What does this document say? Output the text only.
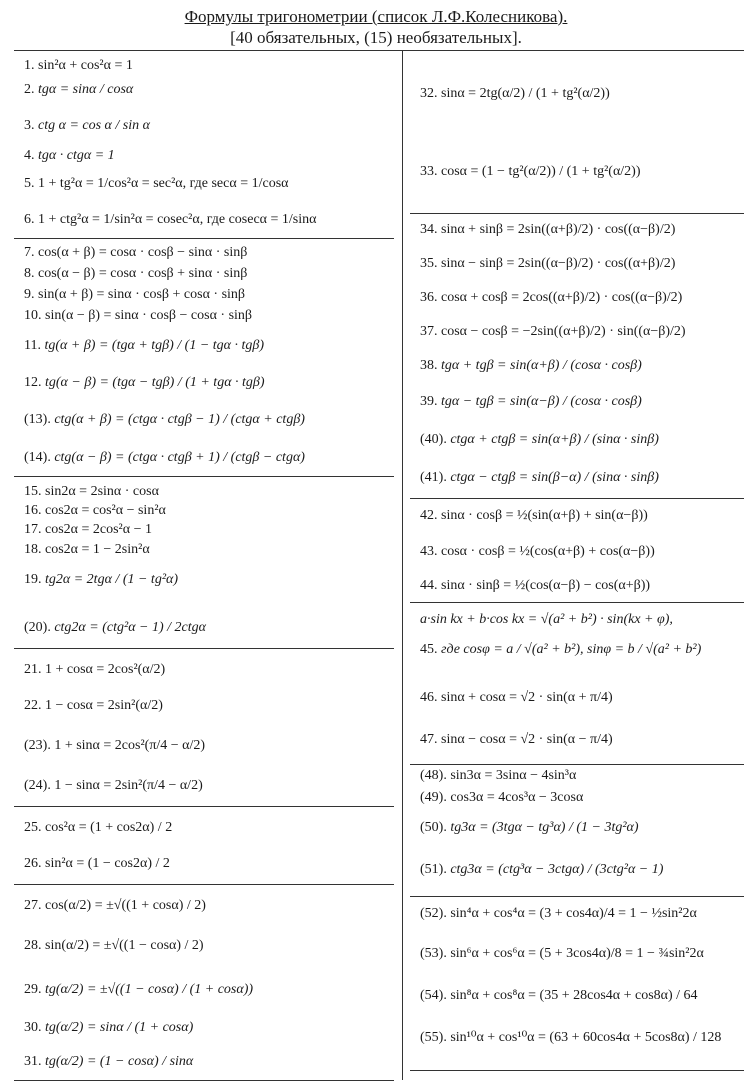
Формулы тригонометрии (список Л.Ф.Колесникова).
[40 обязательных, (15) необязательных].
1. sin²α + cos²α = 1
2. tgα = sinα / cosα
3. ctg α = cos α / sin α
4. tgα · ctgα = 1
5. 1 + tg²α = 1/cos²α = sec²α, где secα = 1/cosα
6. 1 + ctg²α = 1/sin²α = cosec²α, где cosecα = 1/sinα
7. cos(α + β) = cosα · cosβ − sinα · sinβ
8. cos(α − β) = cosα · cosβ + sinα · sinβ
9. sin(α + β) = sinα · cosβ + cosα · sinβ
10. sin(α − β) = sinα · cosβ − cosα · sinβ
11. tg(α + β) = (tgα + tgβ) / (1 − tgα · tgβ)
12. tg(α − β) = (tgα − tgβ) / (1 + tgα · tgβ)
(13). ctg(α + β) = (ctgα · ctgβ − 1) / (ctgα + ctgβ)
(14). ctg(α − β) = (ctgα · ctgβ + 1) / (ctgβ − ctgα)
15. sin2α = 2sinα · cosα
16. cos2α = cos²α − sin²α
17. cos2α = 2cos²α − 1
18. cos2α = 1 − 2sin²α
19. tg2α = 2tgα / (1 − tg²α)
(20). ctg2α = (ctg²α − 1) / 2ctgα
21. 1 + cosα = 2cos²(α/2)
22. 1 − cosα = 2sin²(α/2)
(23). 1 + sinα = 2cos²(π/4 − α/2)
(24). 1 − sinα = 2sin²(π/4 − α/2)
25. cos²α = (1 + cos2α) / 2
26. sin²α = (1 − cos2α) / 2
27. cos(α/2) = ±√((1 + cosα) / 2)
28. sin(α/2) = ±√((1 − cosα) / 2)
29. tg(α/2) = ±√((1 − cosα) / (1 + cosα))
30. tg(α/2) = sinα / (1 + cosα)
31. tg(α/2) = (1 − cosα) / sinα
32. sinα = 2tg(α/2) / (1 + tg²(α/2))
33. cosα = (1 − tg²(α/2)) / (1 + tg²(α/2))
34. sinα + sinβ = 2sin((α+β)/2) · cos((α−β)/2)
35. sinα − sinβ = 2sin((α−β)/2) · cos((α+β)/2)
36. cosα + cosβ = 2cos((α+β)/2) · cos((α−β)/2)
37. cosα − cosβ = −2sin((α+β)/2) · sin((α−β)/2)
38. tgα + tgβ = sin(α+β) / (cosα · cosβ)
39. tgα − tgβ = sin(α−β) / (cosα · cosβ)
(40). ctgα + ctgβ = sin(α+β) / (sinα · sinβ)
(41). ctgα − ctgβ = sin(β−α) / (sinα · sinβ)
42. sinα · cosβ = ½(sin(α+β) + sin(α−β))
43. cosα · cosβ = ½(cos(α+β) + cos(α−β))
44. sinα · sinβ = ½(cos(α−β) − cos(α+β))
a·sin kx + b·cos kx = √(a² + b²) · sin(kx + φ),
45. где cosφ = a / √(a² + b²), sinφ = b / √(a² + b²)
46. sinα + cosα = √2 · sin(α + π/4)
47. sinα − cosα = √2 · sin(α − π/4)
(48). sin3α = 3sinα − 4sin³α
(49). cos3α = 4cos³α − 3cosα
(50). tg3α = (3tgα − tg³α) / (1 − 3tg²α)
(51). ctg3α = (ctg³α − 3ctgα) / (3ctg²α − 1)
(52). sin⁴α + cos⁴α = (3 + cos4α)/4 = 1 − ½sin²2α
(53). sin⁶α + cos⁶α = (5 + 3cos4α)/8 = 1 − ¾sin²2α
(54). sin⁸α + cos⁸α = (35 + 28cos4α + cos8α) / 64
(55). sin¹⁰α + cos¹⁰α = (63 + 60cos4α + 5cos8α) / 128
